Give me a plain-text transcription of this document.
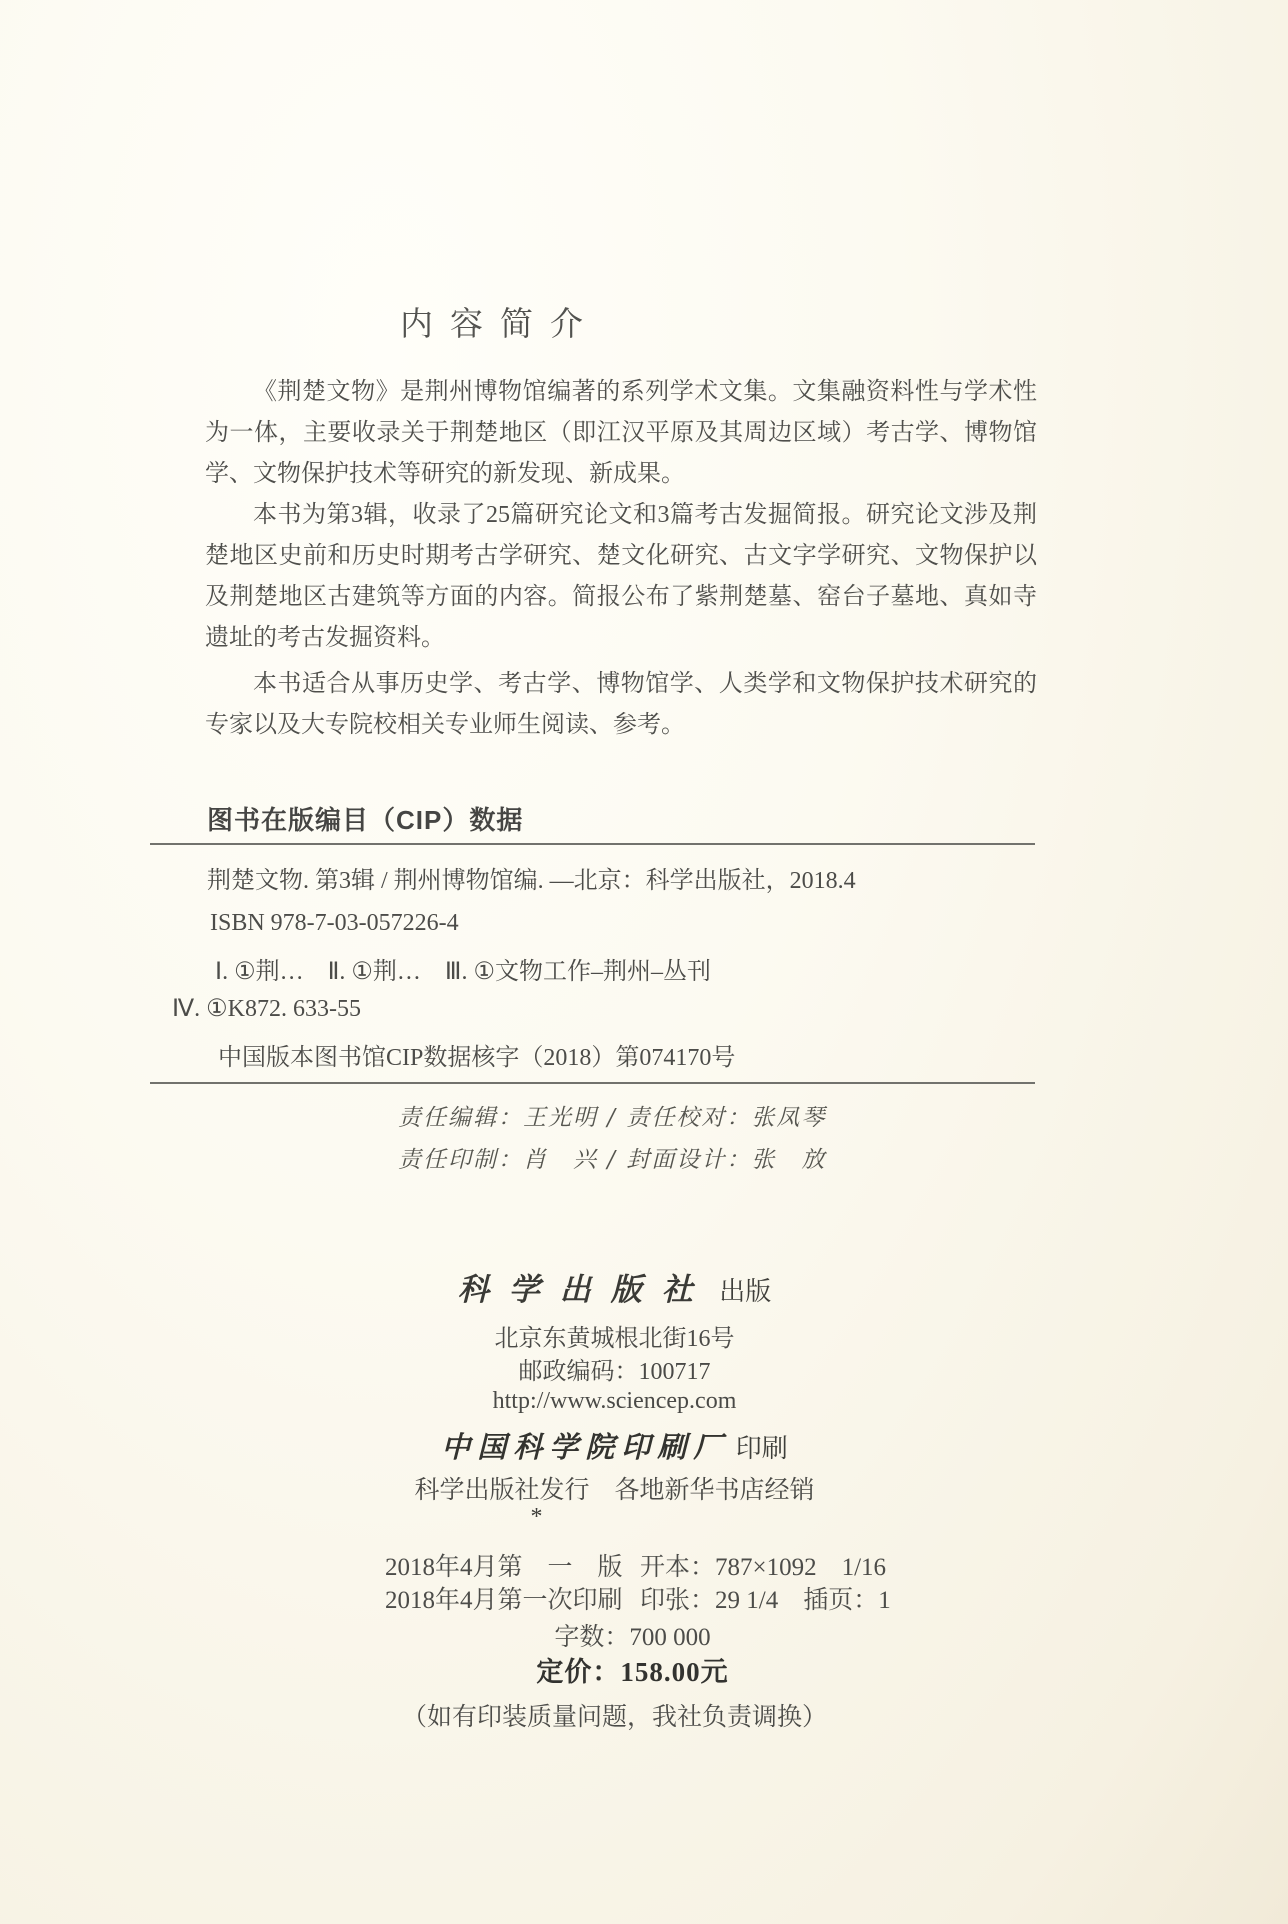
内容简介

《荆楚文物》是荆州博物馆编著的系列学术文集。文集融资料性与学术性为一体，主要收录关于荆楚地区（即江汉平原及其周边区域）考古学、博物馆学、文物保护技术等研究的新发现、新成果。

本书为第3辑，收录了25篇研究论文和3篇考古发掘简报。研究论文涉及荆楚地区史前和历史时期考古学研究、楚文化研究、古文字学研究、文物保护以及荆楚地区古建筑等方面的内容。简报公布了紫荆楚墓、窑台子墓地、真如寺遗址的考古发掘资料。

本书适合从事历史学、考古学、博物馆学、人类学和文物保护技术研究的专家以及大专院校相关专业师生阅读、参考。

图书在版编目（CIP）数据
荆楚文物. 第3辑 / 荆州博物馆编. —北京：科学出版社，2018.4
ISBN 978-7-03-057226-4
Ⅰ. ①荆…　Ⅱ. ①荆…　Ⅲ. ①文物工作–荆州–丛刊
Ⅳ. ①K872. 633-55
中国版本图书馆CIP数据核字（2018）第074170号
责任编辑：王光明 / 责任校对：张凤琴
责任印制：肖　兴 / 封面设计：张　放
科学出版社 出版
北京东黄城根北街16号
邮政编码：100717
http://www.sciencep.com
中国科学院印刷厂 印刷
科学出版社发行　各地新华书店经销
*
2018年4月第　一　版 开本：787×1092　1/16
2018年4月第一次印刷 印张：29 1/4　插页：1
字数：700 000
定价：158.00元
（如有印装质量问题，我社负责调换）
